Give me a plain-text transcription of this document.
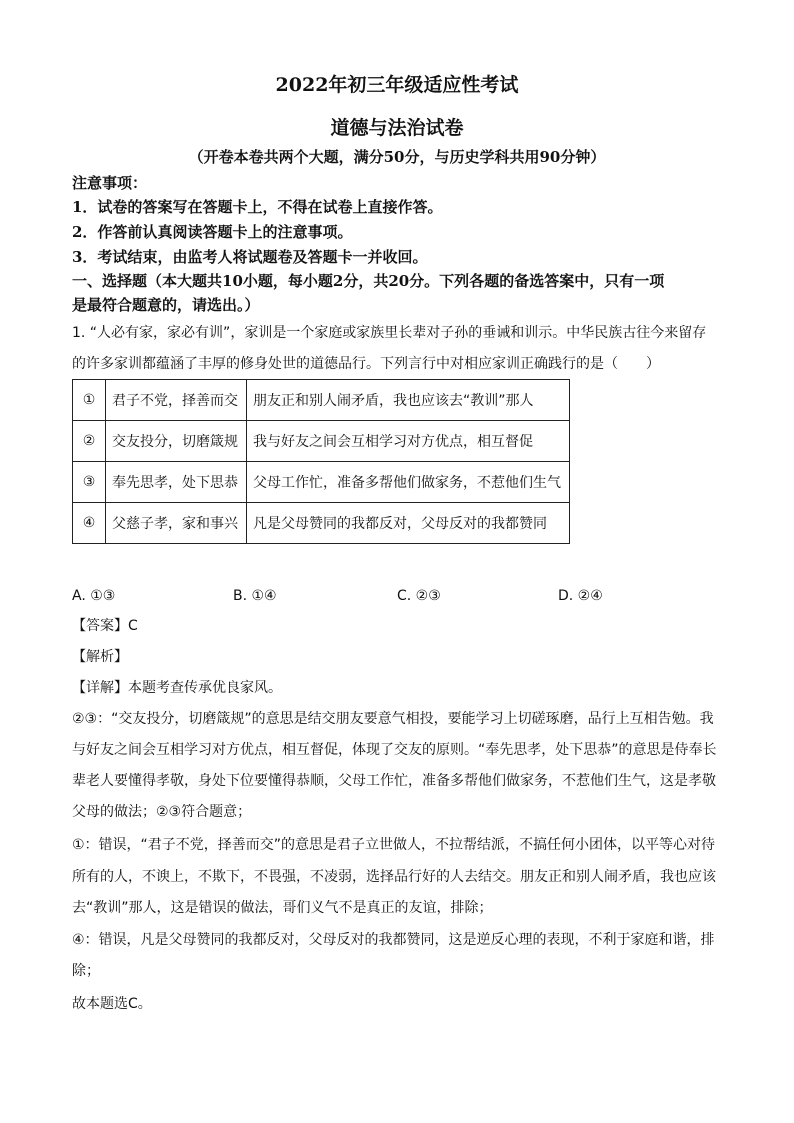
2022年初三年级适应性考试
道德与法治试卷
（开卷本卷共两个大题，满分50分，与历史学科共用90分钟）
注意事项：
1．试卷的答案写在答题卡上，不得在试卷上直接作答。
2．作答前认真阅读答题卡上的注意事项。
3．考试结束，由监考人将试题卷及答题卡一并收回。
一、选择题（本大题共10小题，每小题2分，共20分。下列各题的备选答案中，只有一项
是最符合题意的，请选出。）
1. “人必有家，家必有训”，家训是一个家庭或家族里长辈对子孙的垂诫和训示。中华民族古往今来留存
的许多家训都蕴涵了丰厚的修身处世的道德品行。下列言行中对相应家训正确践行的是（　　）
①	君子不党，择善而交	朋友正和别人闹矛盾，我也应该去“教训”那人
②	交友投分，切磨箴规	我与好友之间会互相学习对方优点，相互督促
③	奉先思孝，处下思恭	父母工作忙，准备多帮他们做家务，不惹他们生气
④	父慈子孝，家和事兴	凡是父母赞同的我都反对，父母反对的我都赞同
A. ①③	B. ①④	C. ②③	D. ②④
【答案】C
【解析】
【详解】本题考查传承优良家风。
②③：“交友投分，切磨箴规”的意思是结交朋友要意气相投，要能学习上切磋琢磨，品行上互相告勉。我
与好友之间会互相学习对方优点，相互督促，体现了交友的原则。“奉先思孝，处下思恭”的意思是侍奉长
辈老人要懂得孝敬，身处下位要懂得恭顺，父母工作忙，准备多帮他们做家务，不惹他们生气，这是孝敬
父母的做法；②③符合题意；
①：错误，“君子不党，择善而交”的意思是君子立世做人，不拉帮结派，不搞任何小团体，以平等心对待
所有的人，不谀上，不欺下，不畏强，不凌弱，选择品行好的人去结交。朋友正和别人闹矛盾，我也应该
去“教训”那人，这是错误的做法，哥们义气不是真正的友谊，排除；
④：错误，凡是父母赞同的我都反对，父母反对的我都赞同，这是逆反心理的表现，不利于家庭和谐，排
除；
故本题选C。
